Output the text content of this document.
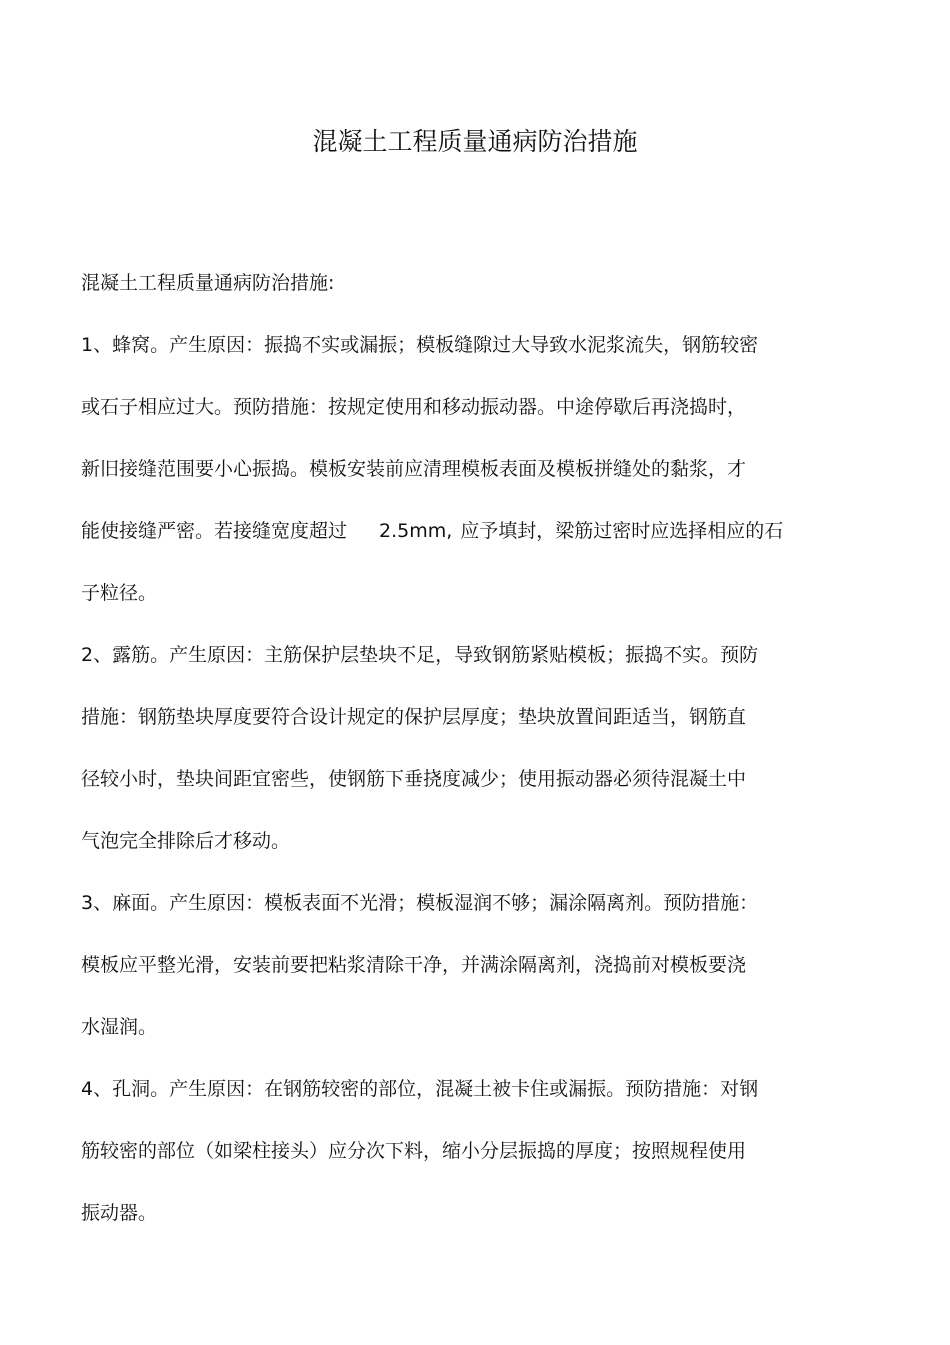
混凝土工程质量通病防治措施
混凝土工程质量通病防治措施:
1、蜂窝。产生原因：振捣不实或漏振；模板缝隙过大导致水泥浆流失，钢筋较密
或石子相应过大。预防措施：按规定使用和移动振动器。中途停歇后再浇捣时，
新旧接缝范围要小心振捣。模板安装前应清理模板表面及模板拼缝处的黏浆，才
能使接缝严密。若接缝宽度超过 2.5mm, 应予填封，梁筋过密时应选择相应的石
子粒径。
2、露筋。产生原因：主筋保护层垫块不足，导致钢筋紧贴模板；振捣不实。预防
措施：钢筋垫块厚度要符合设计规定的保护层厚度；垫块放置间距适当，钢筋直
径较小时，垫块间距宜密些，使钢筋下垂挠度减少；使用振动器必须待混凝土中
气泡完全排除后才移动。
3、麻面。产生原因：模板表面不光滑；模板湿润不够；漏涂隔离剂。预防措施：
模板应平整光滑，安装前要把粘浆清除干净，并满涂隔离剂，浇捣前对模板要浇
水湿润。
4、孔洞。产生原因：在钢筋较密的部位，混凝土被卡住或漏振。预防措施：对钢
筋较密的部位（如梁柱接头）应分次下料，缩小分层振捣的厚度；按照规程使用
振动器。
